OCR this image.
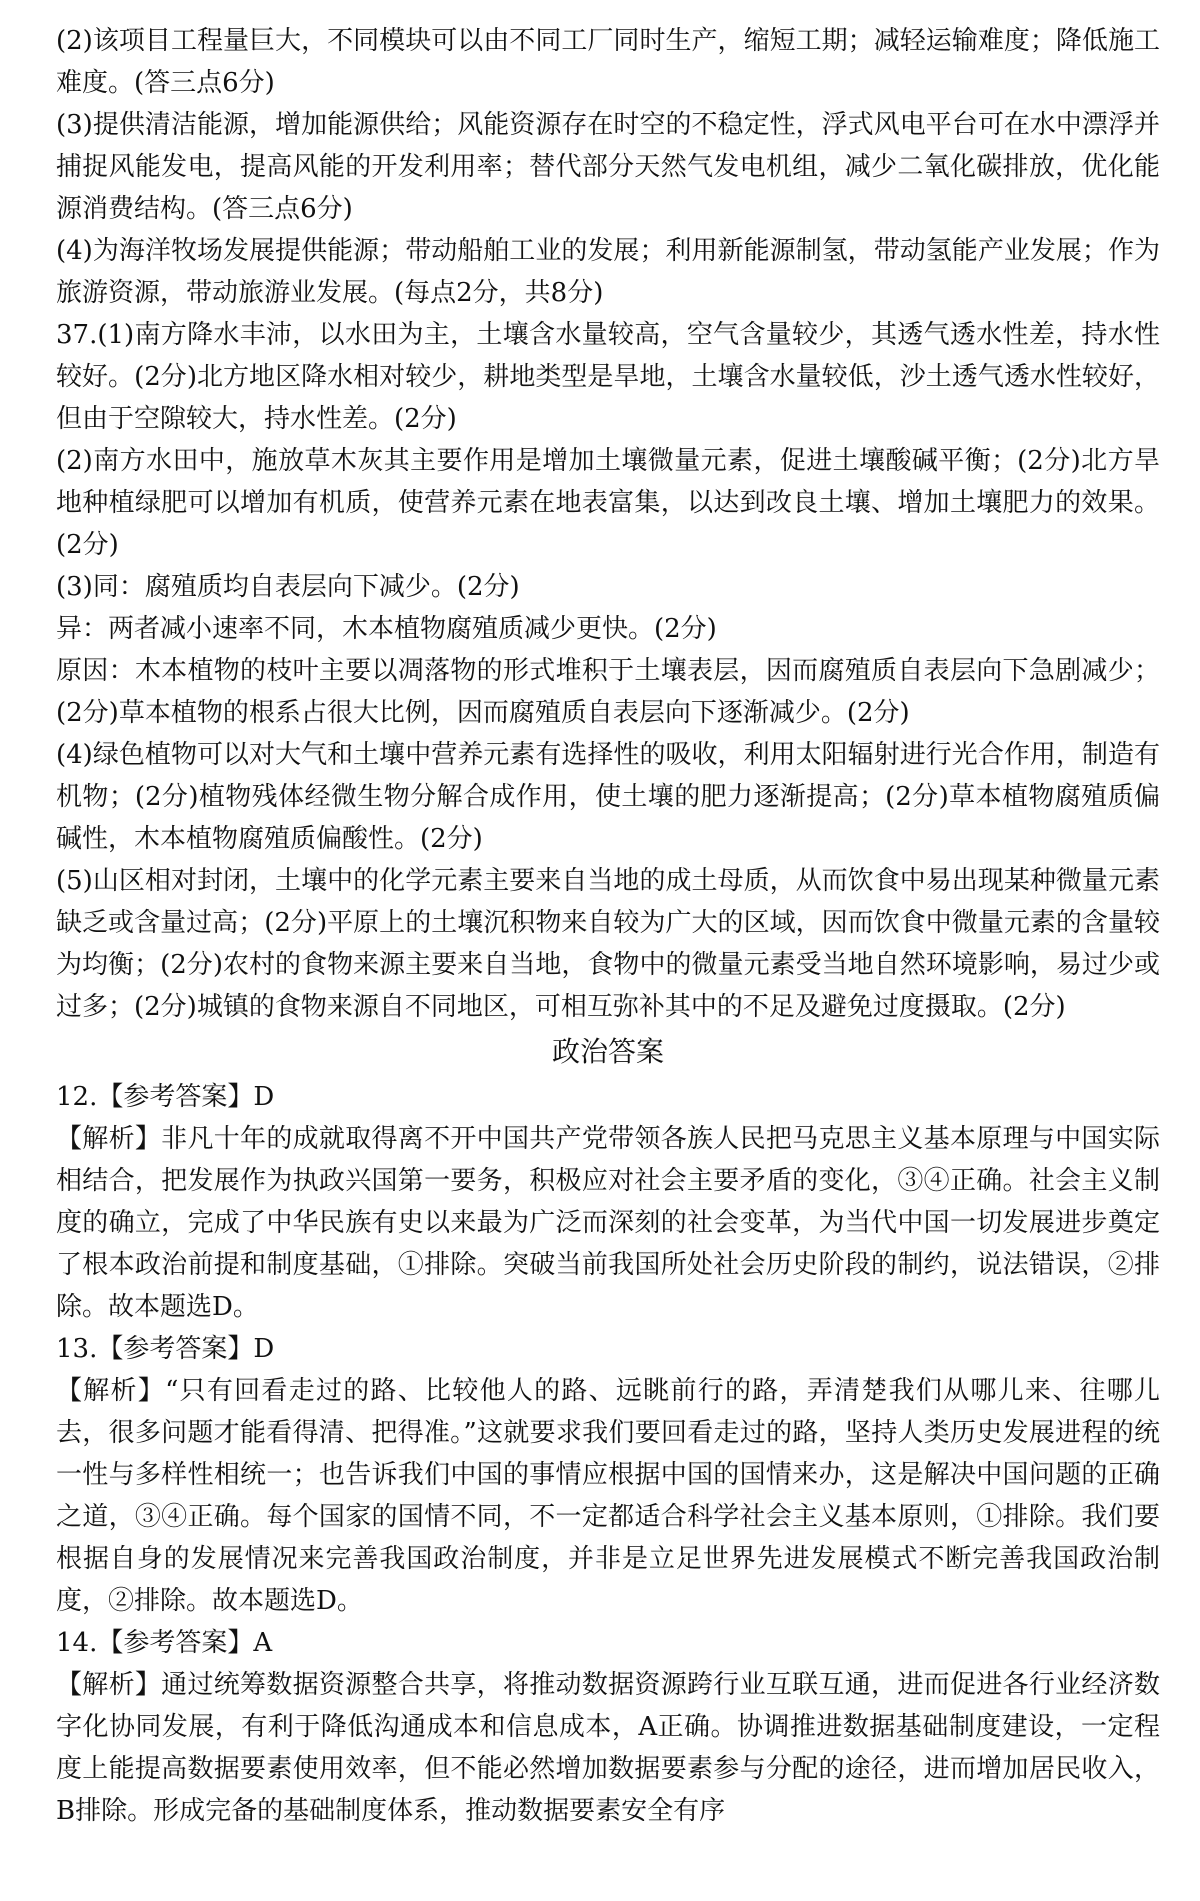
(2)该项目工程量巨大，不同模块可以由不同工厂同时生产，缩短工期；减轻运输难度；降低施工难度。(答三点6分)

(3)提供清洁能源，增加能源供给；风能资源存在时空的不稳定性，浮式风电平台可在水中漂浮并捕捉风能发电，提高风能的开发利用率；替代部分天然气发电机组，减少二氧化碳排放，优化能源消费结构。(答三点6分)

(4)为海洋牧场发展提供能源；带动船舶工业的发展；利用新能源制氢，带动氢能产业发展；作为旅游资源，带动旅游业发展。(每点2分，共8分)

37.(1)南方降水丰沛，以水田为主，土壤含水量较高，空气含量较少，其透气透水性差，持水性较好。(2分)北方地区降水相对较少，耕地类型是旱地，土壤含水量较低，沙土透气透水性较好，但由于空隙较大，持水性差。(2分)

(2)南方水田中，施放草木灰其主要作用是增加土壤微量元素，促进土壤酸碱平衡；(2分)北方旱地种植绿肥可以增加有机质，使营养元素在地表富集，以达到改良土壤、增加土壤肥力的效果。(2分)

(3)同：腐殖质均自表层向下减少。(2分)

异：两者减小速率不同，木本植物腐殖质减少更快。(2分)

原因：木本植物的枝叶主要以凋落物的形式堆积于土壤表层，因而腐殖质自表层向下急剧减少；(2分)草本植物的根系占很大比例，因而腐殖质自表层向下逐渐减少。(2分)

(4)绿色植物可以对大气和土壤中营养元素有选择性的吸收，利用太阳辐射进行光合作用，制造有机物；(2分)植物残体经微生物分解合成作用，使土壤的肥力逐渐提高；(2分)草本植物腐殖质偏碱性，木本植物腐殖质偏酸性。(2分)

(5)山区相对封闭，土壤中的化学元素主要来自当地的成土母质，从而饮食中易出现某种微量元素缺乏或含量过高；(2分)平原上的土壤沉积物来自较为广大的区域，因而饮食中微量元素的含量较为均衡；(2分)农村的食物来源主要来自当地，食物中的微量元素受当地自然环境影响，易过少或过多；(2分)城镇的食物来源自不同地区，可相互弥补其中的不足及避免过度摄取。(2分)

政治答案

12.【参考答案】D

【解析】非凡十年的成就取得离不开中国共产党带领各族人民把马克思主义基本原理与中国实际相结合，把发展作为执政兴国第一要务，积极应对社会主要矛盾的变化，③④正确。社会主义制度的确立，完成了中华民族有史以来最为广泛而深刻的社会变革，为当代中国一切发展进步奠定了根本政治前提和制度基础，①排除。突破当前我国所处社会历史阶段的制约，说法错误，②排除。故本题选D。

13.【参考答案】D

【解析】“只有回看走过的路、比较他人的路、远眺前行的路，弄清楚我们从哪儿来、往哪儿去，很多问题才能看得清、把得准。”这就要求我们要回看走过的路，坚持人类历史发展进程的统一性与多样性相统一；也告诉我们中国的事情应根据中国的国情来办，这是解决中国问题的正确之道，③④正确。每个国家的国情不同，不一定都适合科学社会主义基本原则，①排除。我们要根据自身的发展情况来完善我国政治制度，并非是立足世界先进发展模式不断完善我国政治制度，②排除。故本题选D。

14.【参考答案】A

【解析】通过统筹数据资源整合共享，将推动数据资源跨行业互联互通，进而促进各行业经济数字化协同发展，有利于降低沟通成本和信息成本，A正确。协调推进数据基础制度建设，一定程度上能提高数据要素使用效率，但不能必然增加数据要素参与分配的途径，进而增加居民收入，B排除。形成完备的基础制度体系，推动数据要素安全有序
